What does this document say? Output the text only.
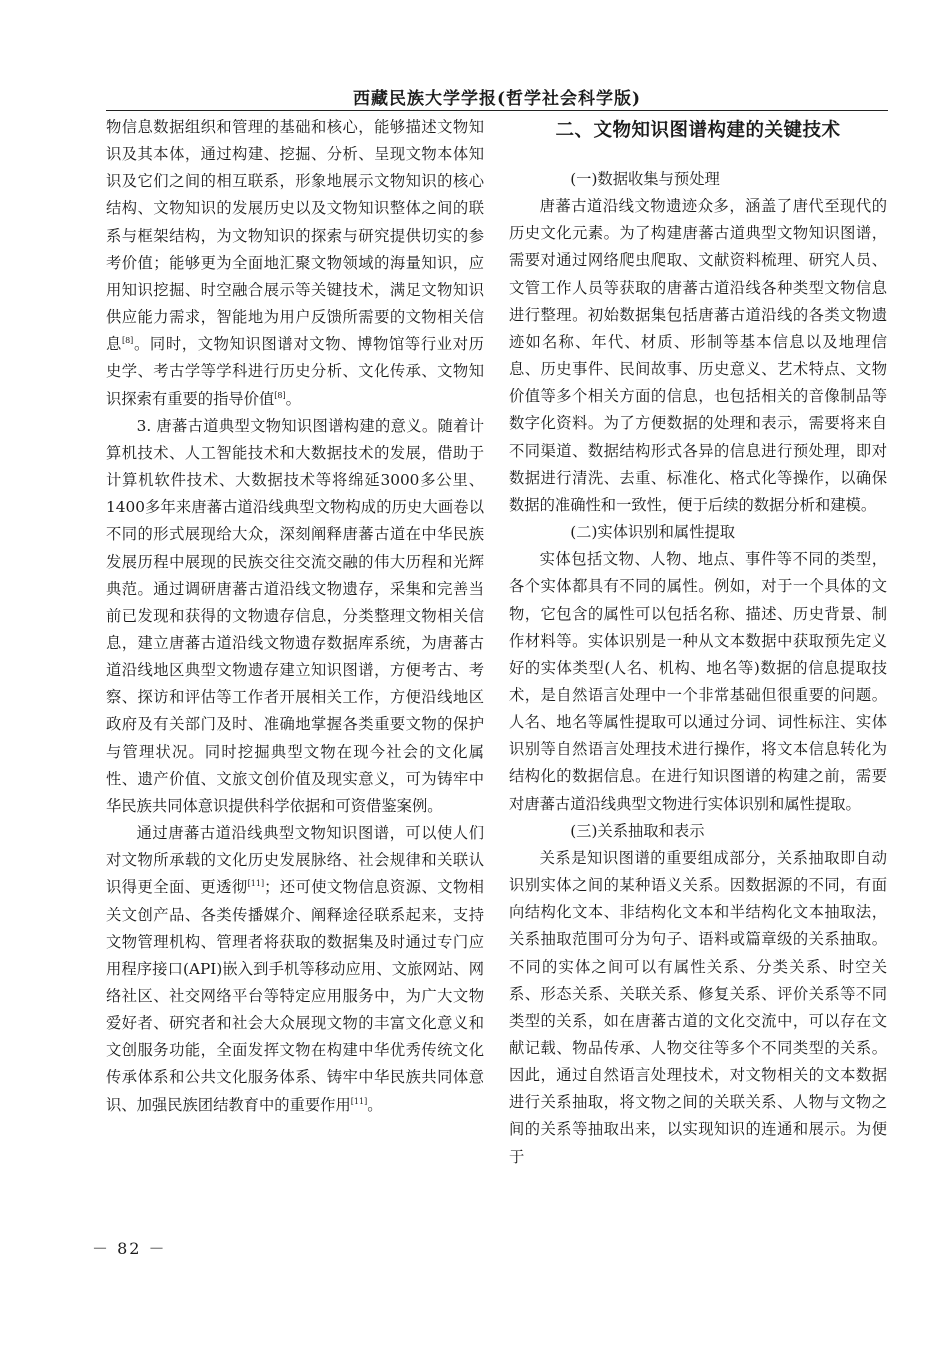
西藏民族大学学报(哲学社会科学版)

物信息数据组织和管理的基础和核心，能够描述文物知识及其本体，通过构建、挖掘、分析、呈现文物本体知识及它们之间的相互联系，形象地展示文物知识的核心结构、文物知识的发展历史以及文物知识整体之间的联系与框架结构，为文物知识的探索与研究提供切实的参考价值；能够更为全面地汇聚文物领域的海量知识，应用知识挖掘、时空融合展示等关键技术，满足文物知识供应能力需求，智能地为用户反馈所需要的文物相关信息[8]。同时，文物知识图谱对文物、博物馆等行业对历史学、考古学等学科进行历史分析、文化传承、文物知识探索有重要的指导价值[8]。

3. 唐蕃古道典型文物知识图谱构建的意义。随着计算机技术、人工智能技术和大数据技术的发展，借助于计算机软件技术、大数据技术等将绵延3000多公里、1400多年来唐蕃古道沿线典型文物构成的历史大画卷以不同的形式展现给大众，深刻阐释唐蕃古道在中华民族发展历程中展现的民族交往交流交融的伟大历程和光辉典范。通过调研唐蕃古道沿线文物遗存，采集和完善当前已发现和获得的文物遗存信息，分类整理文物相关信息，建立唐蕃古道沿线文物遗存数据库系统，为唐蕃古道沿线地区典型文物遗存建立知识图谱，方便考古、考察、探访和评估等工作者开展相关工作，方便沿线地区政府及有关部门及时、准确地掌握各类重要文物的保护与管理状况。同时挖掘典型文物在现今社会的文化属性、遗产价值、文旅文创价值及现实意义，可为铸牢中华民族共同体意识提供科学依据和可资借鉴案例。

通过唐蕃古道沿线典型文物知识图谱，可以使人们对文物所承载的文化历史发展脉络、社会规律和关联认识得更全面、更透彻[11]；还可使文物信息资源、文物相关文创产品、各类传播媒介、阐释途径联系起来，支持文物管理机构、管理者将获取的数据集及时通过专门应用程序接口(API)嵌入到手机等移动应用、文旅网站、网络社区、社交网络平台等特定应用服务中，为广大文物爱好者、研究者和社会大众展现文物的丰富文化意义和文创服务功能，全面发挥文物在构建中华优秀传统文化传承体系和公共文化服务体系、铸牢中华民族共同体意识、加强民族团结教育中的重要作用[11]。

二、文物知识图谱构建的关键技术

(一)数据收集与预处理

唐蕃古道沿线文物遗迹众多，涵盖了唐代至现代的历史文化元素。为了构建唐蕃古道典型文物知识图谱，需要对通过网络爬虫爬取、文献资料梳理、研究人员、文管工作人员等获取的唐蕃古道沿线各种类型文物信息进行整理。初始数据集包括唐蕃古道沿线的各类文物遗迹如名称、年代、材质、形制等基本信息以及地理信息、历史事件、民间故事、历史意义、艺术特点、文物价值等多个相关方面的信息，也包括相关的音像制品等数字化资料。为了方便数据的处理和表示，需要将来自不同渠道、数据结构形式各异的信息进行预处理，即对数据进行清洗、去重、标准化、格式化等操作，以确保数据的准确性和一致性，便于后续的数据分析和建模。

(二)实体识别和属性提取

实体包括文物、人物、地点、事件等不同的类型，各个实体都具有不同的属性。例如，对于一个具体的文物，它包含的属性可以包括名称、描述、历史背景、制作材料等。实体识别是一种从文本数据中获取预先定义好的实体类型(人名、机构、地名等)数据的信息提取技术，是自然语言处理中一个非常基础但很重要的问题。人名、地名等属性提取可以通过分词、词性标注、实体识别等自然语言处理技术进行操作，将文本信息转化为结构化的数据信息。在进行知识图谱的构建之前，需要对唐蕃古道沿线典型文物进行实体识别和属性提取。

(三)关系抽取和表示

关系是知识图谱的重要组成部分，关系抽取即自动识别实体之间的某种语义关系。因数据源的不同，有面向结构化文本、非结构化文本和半结构化文本抽取法，关系抽取范围可分为句子、语料或篇章级的关系抽取。不同的实体之间可以有属性关系、分类关系、时空关系、形态关系、关联关系、修复关系、评价关系等不同类型的关系，如在唐蕃古道的文化交流中，可以存在文献记载、物品传承、人物交往等多个不同类型的关系。因此，通过自然语言处理技术，对文物相关的文本数据进行关系抽取，将文物之间的关联关系、人物与文物之间的关系等抽取出来，以实现知识的连通和展示。为便于

－ 82 －
